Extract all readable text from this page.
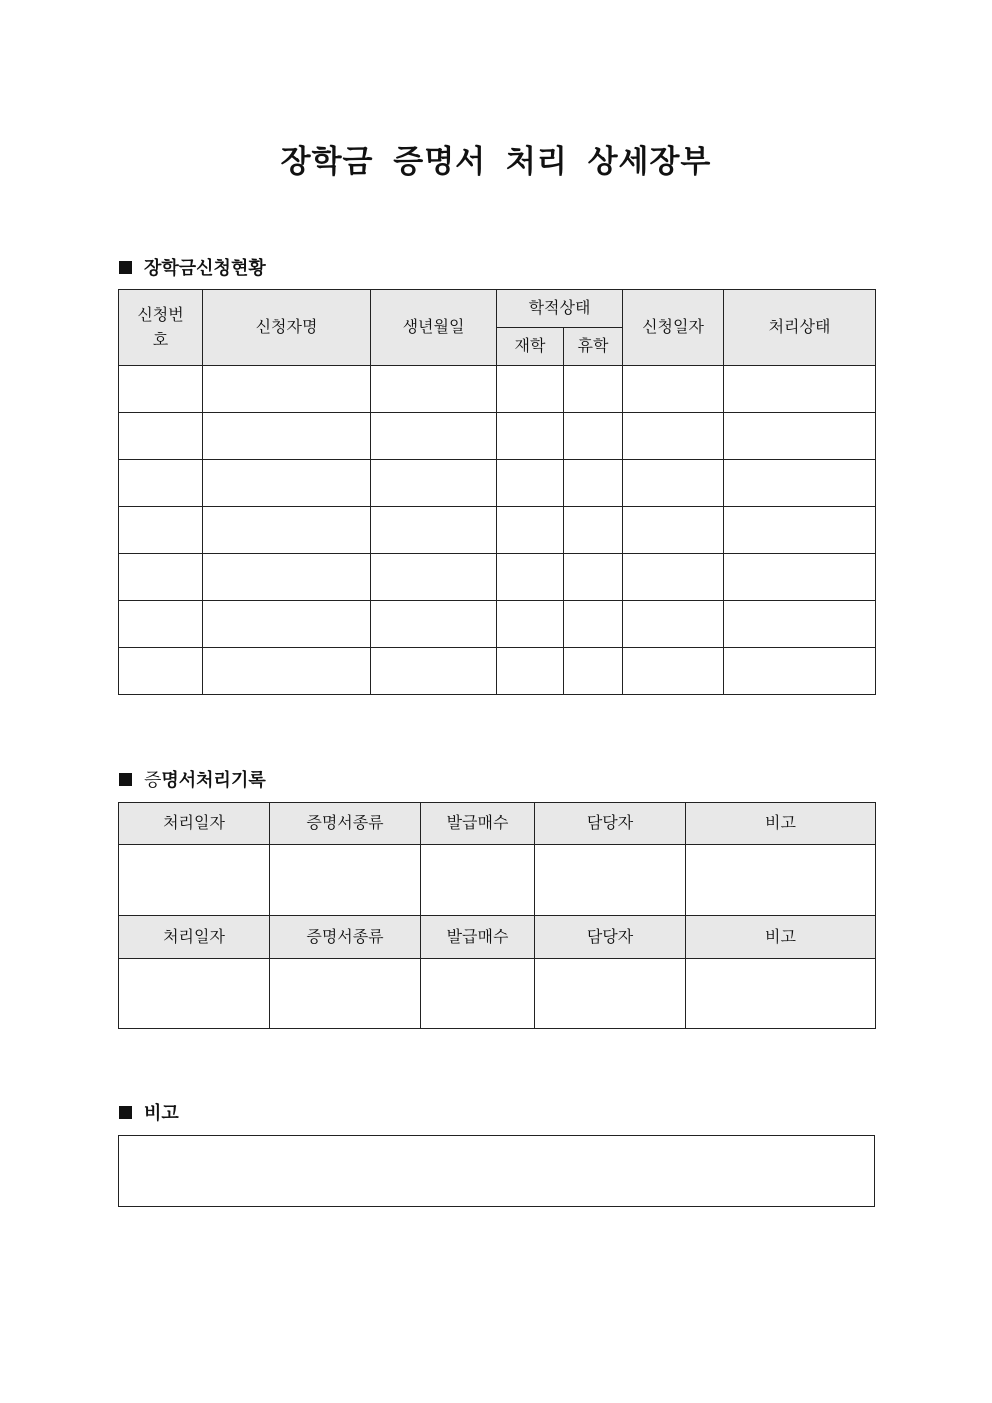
장학금 증명서 처리 상세장부
장학금신청현황
신청번호	신청자명	생년월일	학적상태		신청일자	처리상태
			재학	휴학		

증 명서처리기록
처리일자	증명서종류	발급매수	담당자	비고

처리일자	증명서종류	발급매수	담당자	비고

비고
